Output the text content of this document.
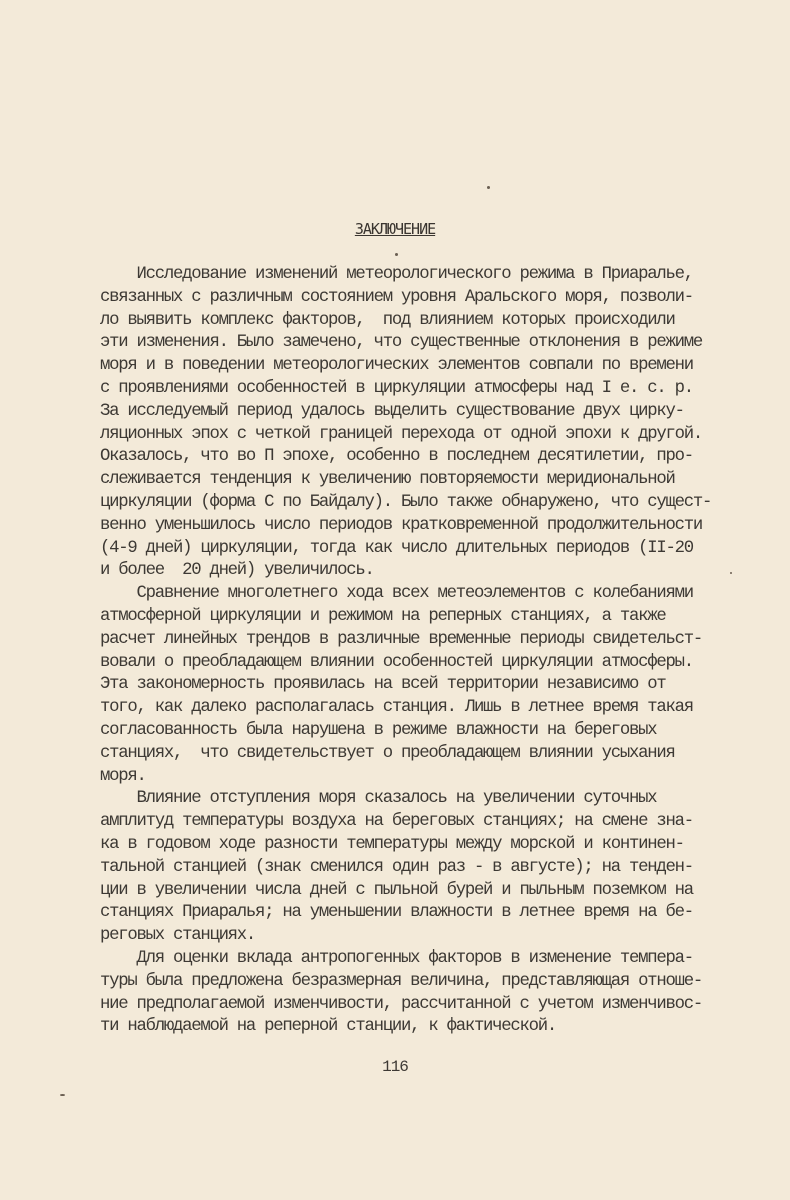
ЗАКЛЮЧЕНИЕ
Исследование изменений метеорологического режима в Приаралье,
связанных с различным состоянием уровня Аральского моря, позволи-
ло выявить комплекс факторов,  под влиянием которых происходили
эти изменения. Было замечено, что существенные отклонения в режиме
моря и в поведении метеорологических элементов совпали по времени
с проявлениями особенностей в циркуляции атмосферы над I е. с. р.
За исследуемый период удалось выделить существование двух цирку-
ляционных эпох с четкой границей перехода от одной эпохи к другой.
Оказалось, что во П эпохе, особенно в последнем десятилетии, про-
слеживается тенденция к увеличению повторяемости меридиональной
циркуляции (форма С по Байдалу). Было также обнаружено, что сущест-
венно уменьшилось число периодов кратковременной продолжительности
(4-9 дней) циркуляции, тогда как число длительных периодов (II-20
и более  20 дней) увеличилось.
Сравнение многолетнего хода всех метеоэлементов с колебаниями
атмосферной циркуляции и режимом на реперных станциях, а также
расчет линейных трендов в различные временные периоды свидетельст-
вовали о преобладающем влиянии особенностей циркуляции атмосферы.
Эта закономерность проявилась на всей территории независимо от
того, как далеко располагалась станция. Лишь в летнее время такая
согласованность была нарушена в режиме влажности на береговых
станциях,  что свидетельствует о преобладающем влиянии усыхания
моря.
Влияние отступления моря сказалось на увеличении суточных
амплитуд температуры воздуха на береговых станциях; на смене зна-
ка в годовом ходе разности температуры между морской и континен-
тальной станцией (знак сменился один раз - в августе); на тенден-
ции в увеличении числа дней с пыльной бурей и пыльным поземком на
станциях Приаралья; на уменьшении влажности в летнее время на бе-
реговых станциях.
Для оценки вклада антропогенных факторов в изменение темпера-
туры была предложена безразмерная величина, представляющая отноше-
ние предполагаемой изменчивости, рассчитанной с учетом изменчивос-
ти наблюдаемой на реперной станции, к фактической.
116
